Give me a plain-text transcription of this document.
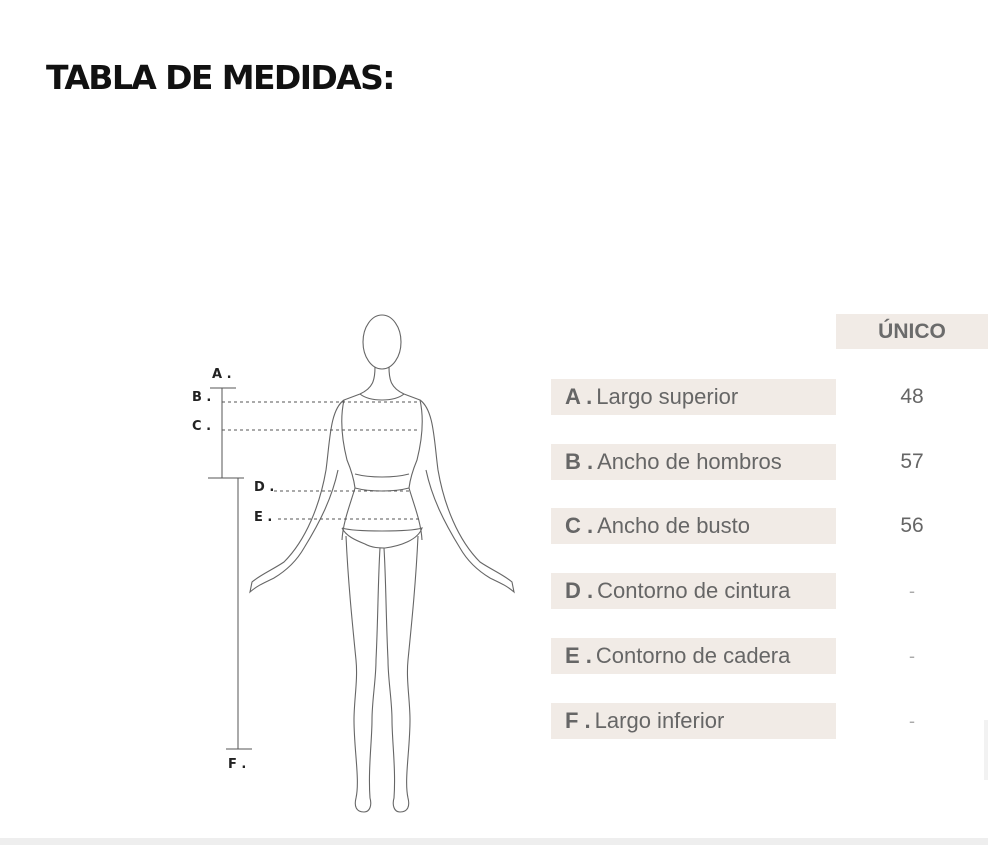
TABLA DE MEDIDAS:
A .
B .
C .
D .
E .
F .
ÚNICO
A . Largo superior	48
B . Ancho de hombros	57
C . Ancho de busto	56
D . Contorno de cintura	-
E . Contorno de cadera	-
F . Largo inferior	-
